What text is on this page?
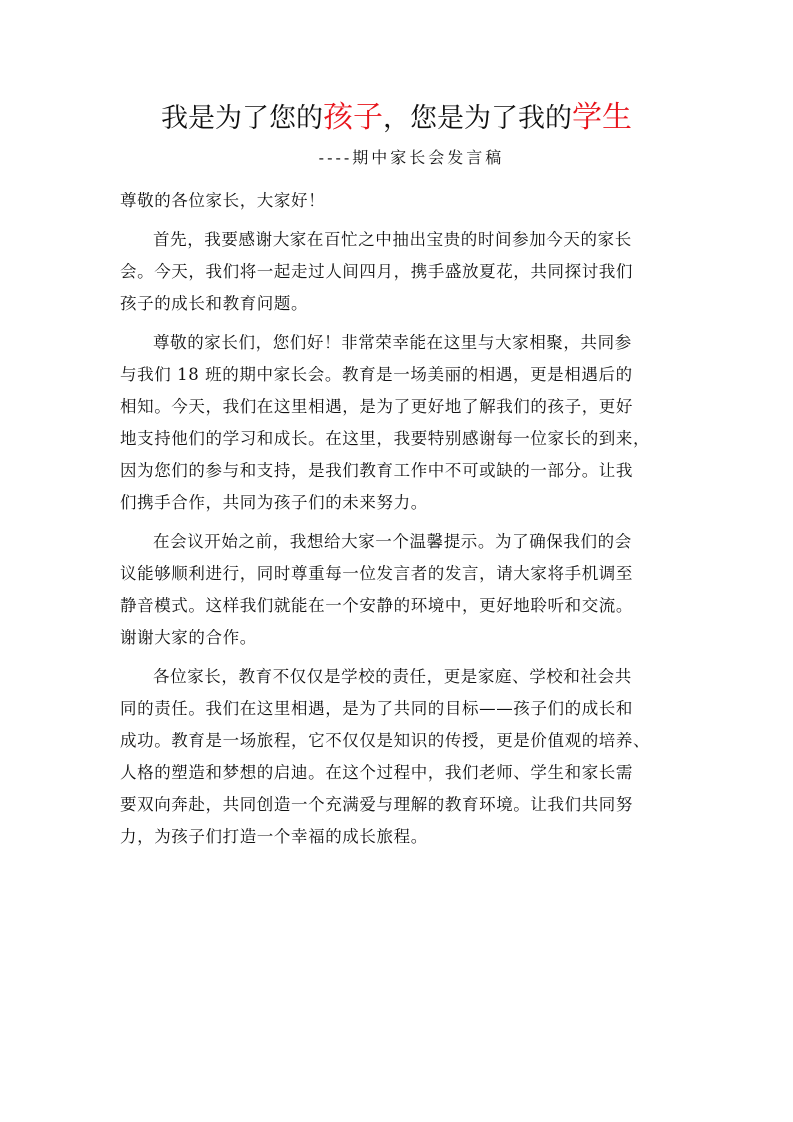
我是为了您的孩子，您是为了我的学生
----期中家长会发言稿

尊敬的各位家长，大家好！

首先，我要感谢大家在百忙之中抽出宝贵的时间参加今天的家长
会。今天，我们将一起走过人间四月，携手盛放夏花，共同探讨我们
孩子的成长和教育问题。

尊敬的家长们，您们好！非常荣幸能在这里与大家相聚，共同参
与我们 18 班的期中家长会。教育是一场美丽的相遇，更是相遇后的
相知。今天，我们在这里相遇，是为了更好地了解我们的孩子，更好
地支持他们的学习和成长。在这里，我要特别感谢每一位家长的到来，
因为您们的参与和支持，是我们教育工作中不可或缺的一部分。让我
们携手合作，共同为孩子们的未来努力。

在会议开始之前，我想给大家一个温馨提示。为了确保我们的会
议能够顺利进行，同时尊重每一位发言者的发言，请大家将手机调至
静音模式。这样我们就能在一个安静的环境中，更好地聆听和交流。
谢谢大家的合作。

各位家长，教育不仅仅是学校的责任，更是家庭、学校和社会共
同的责任。我们在这里相遇，是为了共同的目标——孩子们的成长和
成功。教育是一场旅程，它不仅仅是知识的传授，更是价值观的培养、
人格的塑造和梦想的启迪。在这个过程中，我们老师、学生和家长需
要双向奔赴，共同创造一个充满爱与理解的教育环境。让我们共同努
力，为孩子们打造一个幸福的成长旅程。
